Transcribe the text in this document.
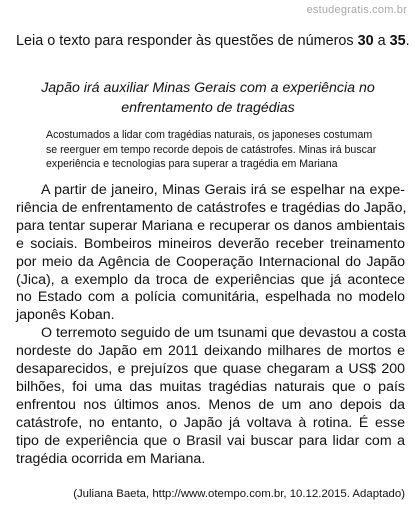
estudegratis.com.br
Leia o texto para responder às questões de números 30 a 35.
Japão irá auxiliar Minas Gerais com a experiência no
enfrentamento de tragédias
Acostumados a lidar com tragédias naturais, os japoneses costumam
se reerguer em tempo recorde depois de catástrofes. Minas irá buscar
experiência e tecnologias para superar a tragédia em Mariana
A partir de janeiro, Minas Gerais irá se espelhar na expe-
riência de enfrentamento de catástrofes e tragédias do Japão,
para tentar superar Mariana e recuperar os danos ambientais
e sociais. Bombeiros mineiros deverão receber treinamento
por meio da Agência de Cooperação Internacional do Japão
(Jica), a exemplo da troca de experiências que já acontece
no Estado com a polícia comunitária, espelhada no modelo
japonês Koban.
O terremoto seguido de um tsunami que devastou a costa
nordeste do Japão em 2011 deixando milhares de mortos e
desaparecidos, e prejuízos que quase chegaram a US$ 200
bilhões, foi uma das muitas tragédias naturais que o país
enfrentou nos últimos anos. Menos de um ano depois da
catástrofe, no entanto, o Japão já voltava à rotina. É esse
tipo de experiência que o Brasil vai buscar para lidar com a
tragédia ocorrida em Mariana.
(Juliana Baeta, http://www.otempo.com.br, 10.12.2015. Adaptado)
